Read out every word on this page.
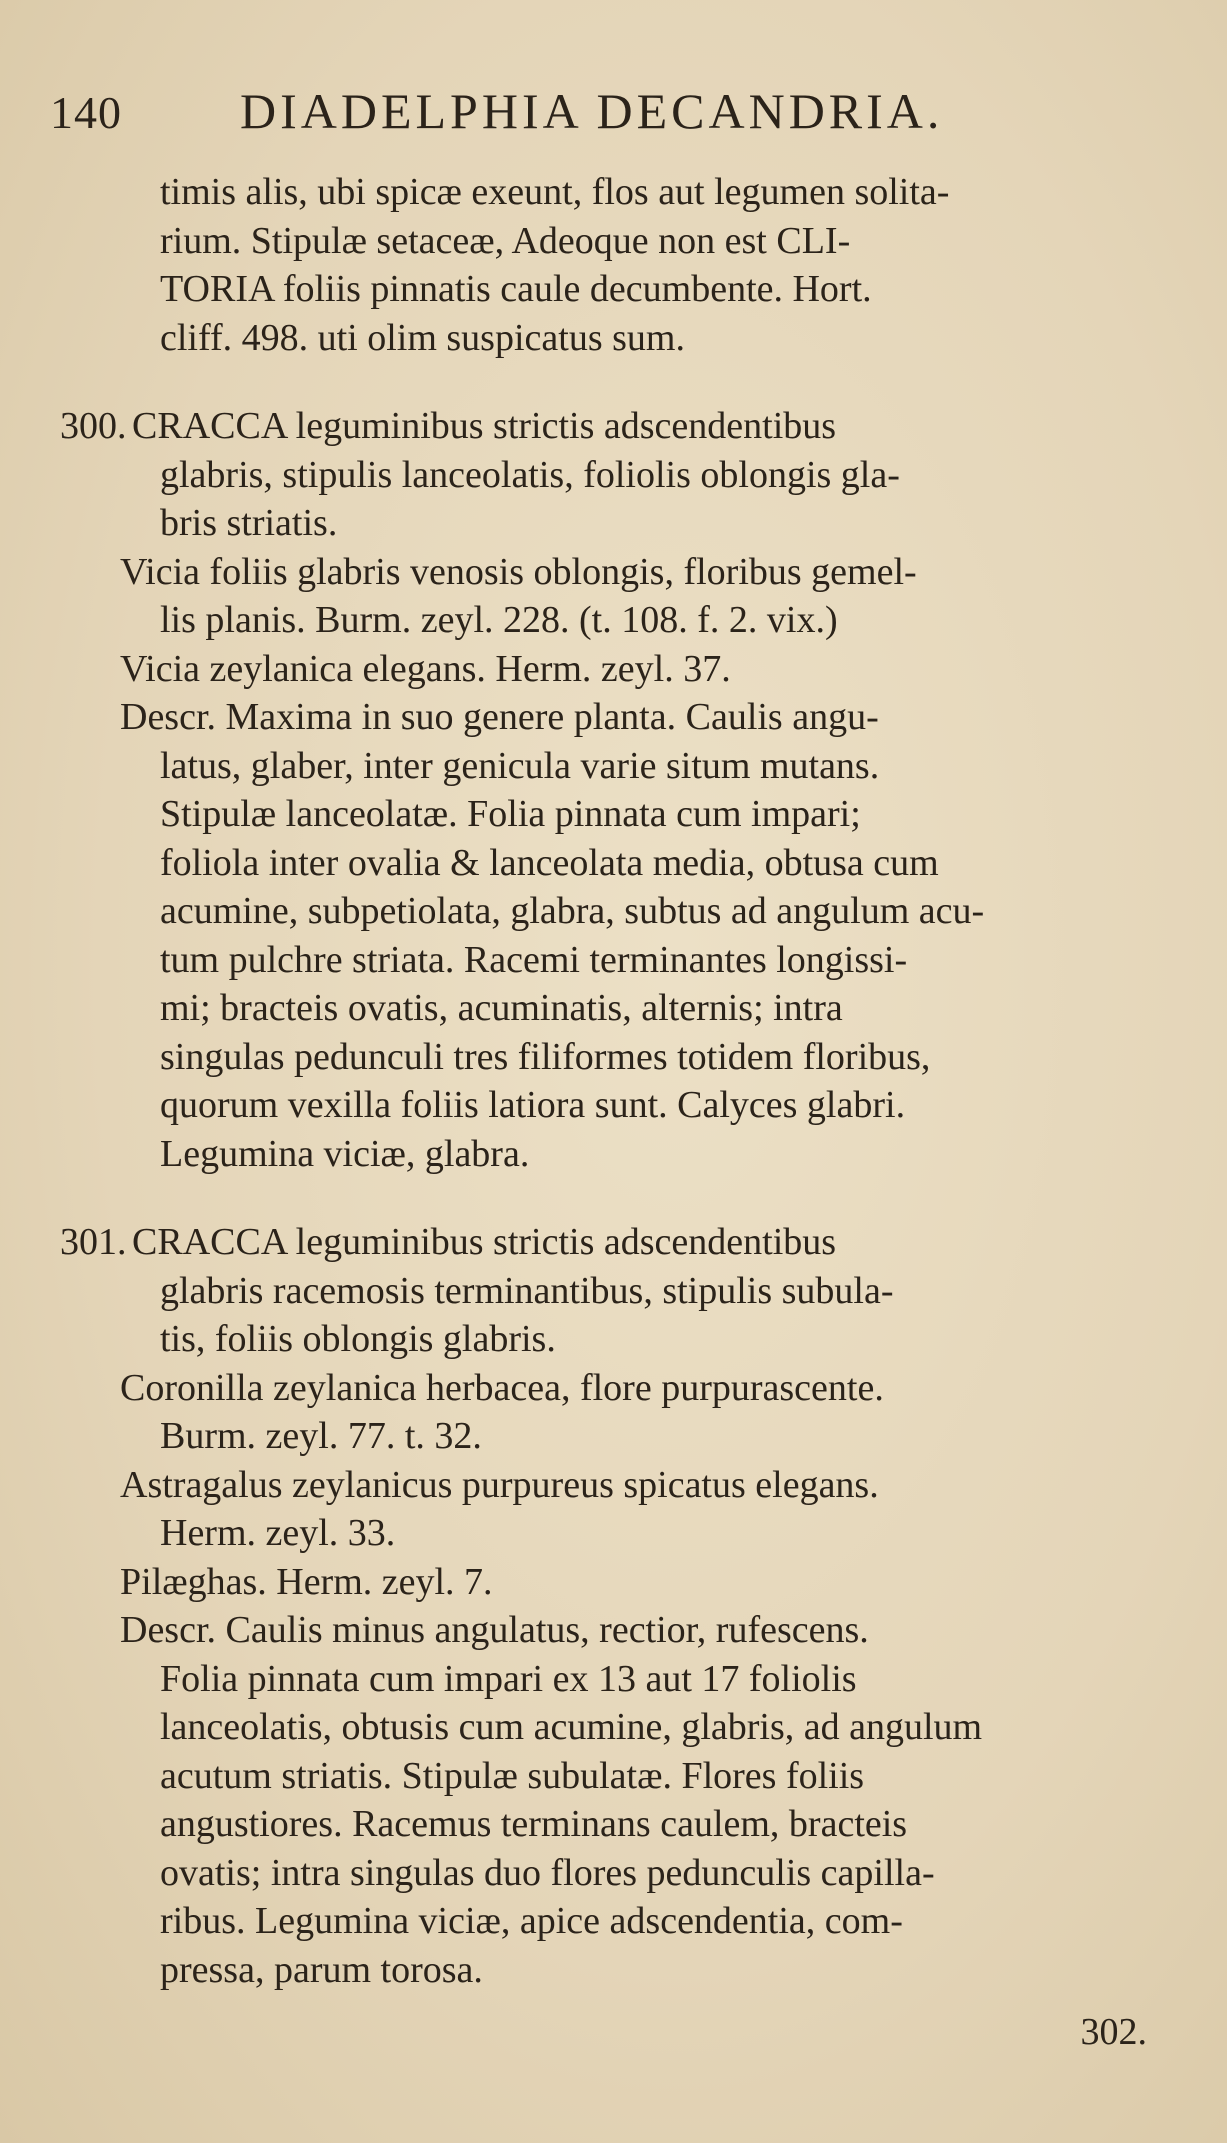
140	DIADELPHIA DECANDRIA.
timis alis, ubi spicæ exeunt, flos aut legumen solita-
rium. Stipulæ setaceæ, Adeoque non est CLI-
TORIA foliis pinnatis caule decumbente. Hort.
cliff. 498. uti olim suspicatus sum.
300. CRACCA leguminibus strictis adscendentibus
glabris, stipulis lanceolatis, foliolis oblongis gla-
bris striatis.
Vicia foliis glabris venosis oblongis, floribus gemel-
lis planis. Burm. zeyl. 228. (t. 108. f. 2. vix.)
Vicia zeylanica elegans. Herm. zeyl. 37.
Descr. Maxima in suo genere planta. Caulis angu-
latus, glaber, inter genicula varie situm mutans.
Stipulæ lanceolatæ. Folia pinnata cum impari;
foliola inter ovalia & lanceolata media, obtusa cum
acumine, subpetiolata, glabra, subtus ad angulum acu-
tum pulchre striata. Racemi terminantes longissi-
mi; bracteis ovatis, acuminatis, alternis; intra
singulas pedunculi tres filiformes totidem floribus,
quorum vexilla foliis latiora sunt. Calyces glabri.
Legumina viciæ, glabra.
301. CRACCA leguminibus strictis adscendentibus
glabris racemosis terminantibus, stipulis subula-
tis, foliis oblongis glabris.
Coronilla zeylanica herbacea, flore purpurascente.
Burm. zeyl. 77. t. 32.
Astragalus zeylanicus purpureus spicatus elegans.
Herm. zeyl. 33.
Pilæghas. Herm. zeyl. 7.
Descr. Caulis minus angulatus, rectior, rufescens.
Folia pinnata cum impari ex 13 aut 17 foliolis
lanceolatis, obtusis cum acumine, glabris, ad angulum
acutum striatis. Stipulæ subulatæ. Flores foliis
angustiores. Racemus terminans caulem, bracteis
ovatis; intra singulas duo flores pedunculis capilla-
ribus. Legumina viciæ, apice adscendentia, com-
pressa, parum torosa.
302.
